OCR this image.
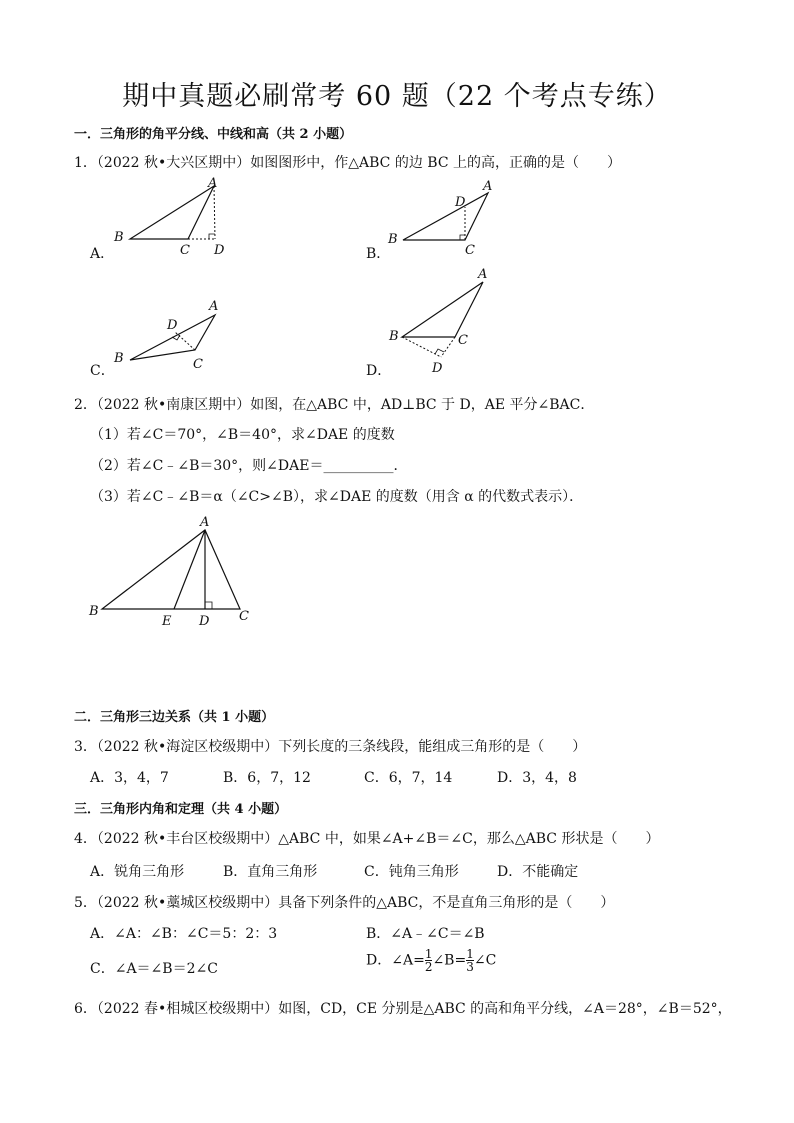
期中真题必刷常考 60 题（22 个考点专练）
一．三角形的角平分线、中线和高（共 2 小题）
1．（2022 秋•大兴区期中）如图图形中，作△ABC 的边 BC 上的高，正确的是（　　）
A．
A
B
C D	B．
A
D
B
C
C．
A
D
B	C	D．
A
B	C
D
2．（2022 秋•南康区期中）如图，在△ABC 中，AD⊥BC 于 D，AE 平分∠BAC．
（1）若∠C＝70°，∠B＝40°，求∠DAE 的度数
（2）若∠C﹣∠B＝30°，则∠DAE＝__________．
（3）若∠C﹣∠B＝α（∠C>∠B），求∠DAE 的度数（用含 α 的代数式表示）．
A
B
E D C
二．三角形三边关系（共 1 小题）
3．（2022 秋•海淀区校级期中）下列长度的三条线段，能组成三角形的是（　　）
A．3，4，7	B．6，7，12	C．6，7，14	D．3，4，8
三．三角形内角和定理（共 4 小题）
4．（2022 秋•丰台区校级期中）△ABC 中，如果∠A+∠B＝∠C，那么△ABC 形状是（　　）
A．锐角三角形	B．直角三角形	C．钝角三角形	D．不能确定
5．（2022 秋•藁城区校级期中）具备下列条件的△ABC，不是直角三角形的是（　　）
A．∠A：∠B：∠C＝5：2：3	B．∠A﹣∠C＝∠B
C．∠A＝∠B＝2∠C
D．∠A= $\frac{1}{2}$ ∠B= $\frac{1}{3}$ ∠C
6．（2022 春•相城区校级期中）如图，CD，CE 分别是△ABC 的高和角平分线，∠A＝28°，∠B＝52°，
